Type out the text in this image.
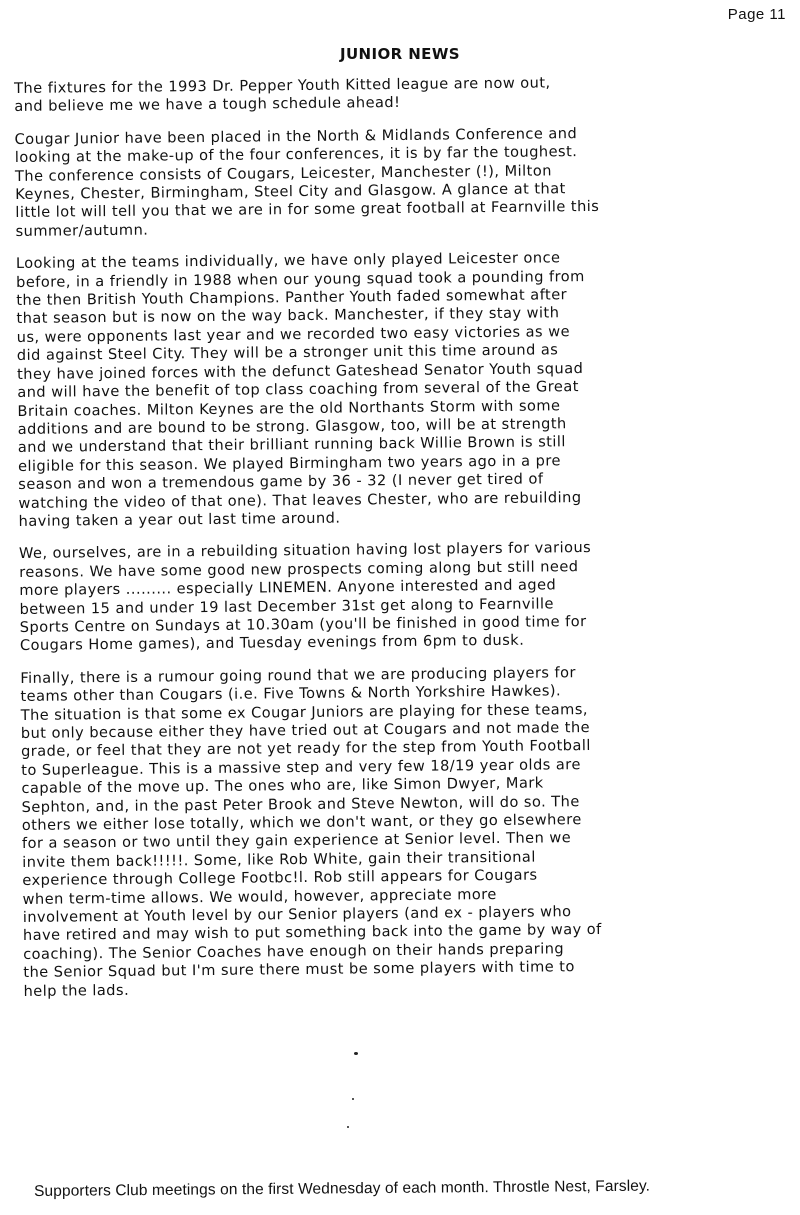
Page 11
JUNIOR NEWS

The fixtures for the 1993 Dr. Pepper Youth Kitted league are now out,
and believe me we have a tough schedule ahead!

Cougar Junior have been placed in the North & Midlands Conference and
looking at the make-up of the four conferences, it is by far the toughest.
The conference consists of Cougars, Leicester, Manchester (!), Milton
Keynes, Chester, Birmingham, Steel City and Glasgow. A glance at that
little lot will tell you that we are in for some great football at Fearnville this
summer/autumn.

Looking at the teams individually, we have only played Leicester once
before, in a friendly in 1988 when our young squad took a pounding from
the then British Youth Champions. Panther Youth faded somewhat after
that season but is now on the way back. Manchester, if they stay with
us, were opponents last year and we recorded two easy victories as we
did against Steel City. They will be a stronger unit this time around as
they have joined forces with the defunct Gateshead Senator Youth squad
and will have the benefit of top class coaching from several of the Great
Britain coaches. Milton Keynes are the old Northants Storm with some
additions and are bound to be strong. Glasgow, too, will be at strength
and we understand that their brilliant running back Willie Brown is still
eligible for this season. We played Birmingham two years ago in a pre
season and won a tremendous game by 36 - 32 (I never get tired of
watching the video of that one). That leaves Chester, who are rebuilding
having taken a year out last time around.

We, ourselves, are in a rebuilding situation having lost players for various
reasons. We have some good new prospects coming along but still need
more players ......... especially LINEMEN. Anyone interested and aged
between 15 and under 19 last December 31st get along to Fearnville
Sports Centre on Sundays at 10.30am (you'll be finished in good time for
Cougars Home games), and Tuesday evenings from 6pm to dusk.

Finally, there is a rumour going round that we are producing players for
teams other than Cougars (i.e. Five Towns & North Yorkshire Hawkes).
The situation is that some ex Cougar Juniors are playing for these teams,
but only because either they have tried out at Cougars and not made the
grade, or feel that they are not yet ready for the step from Youth Football
to Superleague. This is a massive step and very few 18/19 year olds are
capable of the move up. The ones who are, like Simon Dwyer, Mark
Sephton, and, in the past Peter Brook and Steve Newton, will do so. The
others we either lose totally, which we don't want, or they go elsewhere
for a season or two until they gain experience at Senior level. Then we
invite them back!!!!!. Some, like Rob White, gain their transitional
experience through College Footbc!l. Rob still appears for Cougars
when term-time allows. We would, however, appreciate more
involvement at Youth level by our Senior players (and ex - players who
have retired and may wish to put something back into the game by way of
coaching). The Senior Coaches have enough on their hands preparing
the Senior Squad but I'm sure there must be some players with time to
help the lads.

Supporters Club meetings on the first Wednesday of each month. Throstle Nest, Farsley.
